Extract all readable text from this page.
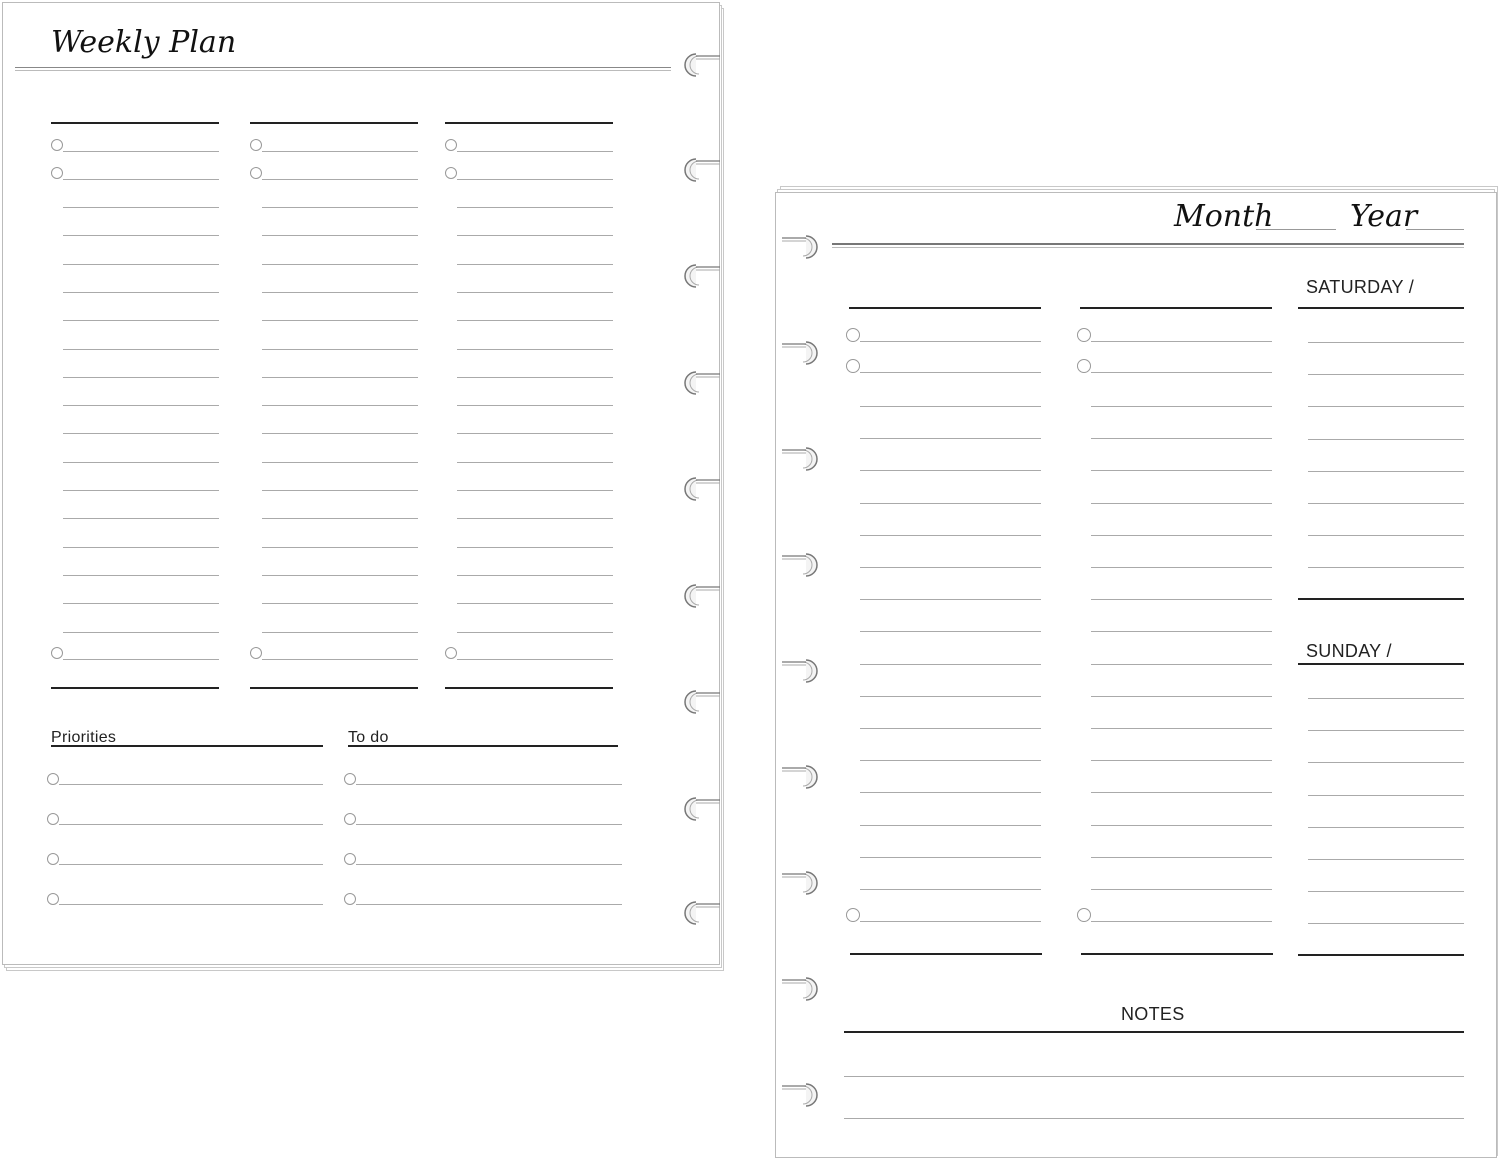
Weekly Plan
Priorities	To do
Month	Year
SATURDAY /
SUNDAY /
NOTES
